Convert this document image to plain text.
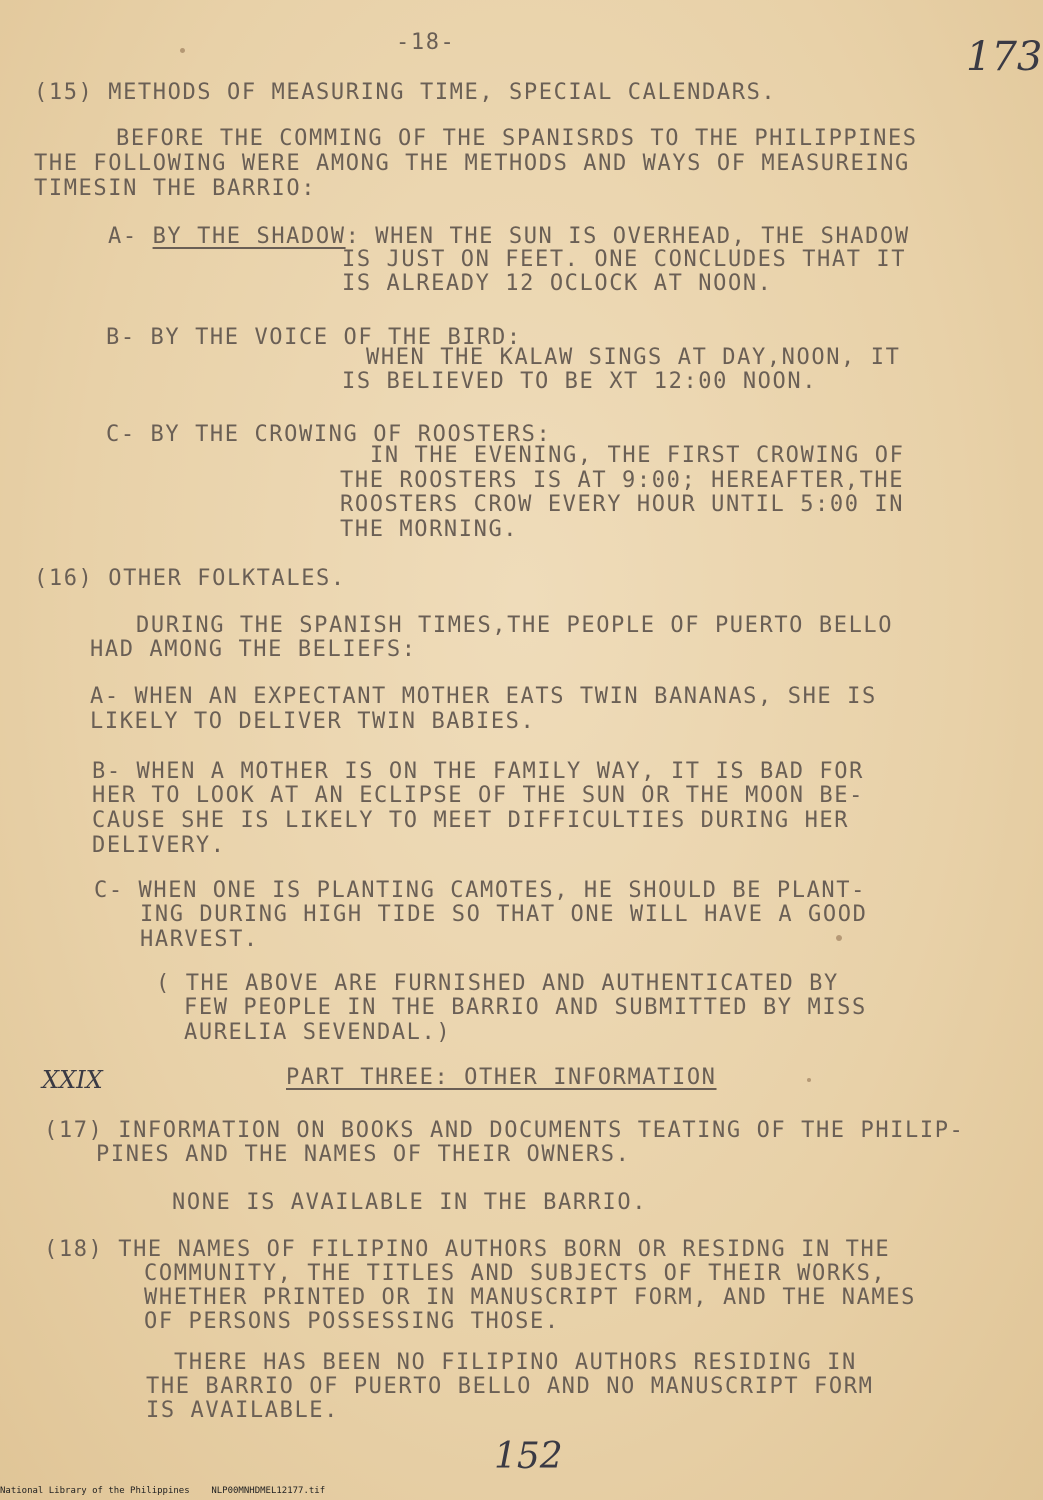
-18-	173

(15) METHODS OF MEASURING TIME, SPECIAL CALENDARS.

BEFORE THE COMMING OF THE SPANISRDS TO THE PHILIPPINES

THE FOLLOWING WERE AMONG THE METHODS AND WAYS OF MEASUREING

TIMESIN THE BARRIO:

A- BY THE SHADOW: WHEN THE SUN IS OVERHEAD, THE SHADOW

IS JUST ON FEET. ONE CONCLUDES THAT IT

IS ALREADY 12 OCLOCK AT NOON.

B- BY THE VOICE OF THE BIRD:

WHEN THE KALAW SINGS AT DAY,NOON, IT

IS BELIEVED TO BE XT 12:00 NOON.

C- BY THE CROWING OF ROOSTERS:

IN THE EVENING, THE FIRST CROWING OF

THE ROOSTERS IS AT 9:00; HEREAFTER,THE

ROOSTERS CROW EVERY HOUR UNTIL 5:00 IN

THE MORNING.

(16) OTHER FOLKTALES.

DURING THE SPANISH TIMES,THE PEOPLE OF PUERTO BELLO

HAD AMONG THE BELIEFS:

A- WHEN AN EXPECTANT MOTHER EATS TWIN BANANAS, SHE IS

LIKELY TO DELIVER TWIN BABIES.

B- WHEN A MOTHER IS ON THE FAMILY WAY, IT IS BAD FOR

HER TO LOOK AT AN ECLIPSE OF THE SUN OR THE MOON BE-

CAUSE SHE IS LIKELY TO MEET DIFFICULTIES DURING HER

DELIVERY.

C- WHEN ONE IS PLANTING CAMOTES, HE SHOULD BE PLANT-

ING DURING HIGH TIDE SO THAT ONE WILL HAVE A GOOD

HARVEST.

( THE ABOVE ARE FURNISHED AND AUTHENTICATED BY

FEW PEOPLE IN THE BARRIO AND SUBMITTED BY MISS

AURELIA SEVENDAL.)

XXIX	PART THREE: OTHER INFORMATION

(17) INFORMATION ON BOOKS AND DOCUMENTS TEATING OF THE PHILIP-

PINES AND THE NAMES OF THEIR OWNERS.

NONE IS AVAILABLE IN THE BARRIO.

(18) THE NAMES OF FILIPINO AUTHORS BORN OR RESIDNG IN THE

COMMUNITY, THE TITLES AND SUBJECTS OF THEIR WORKS,

WHETHER PRINTED OR IN MANUSCRIPT FORM, AND THE NAMES

OF PERSONS POSSESSING THOSE.

THERE HAS BEEN NO FILIPINO AUTHORS RESIDING IN

THE BARRIO OF PUERTO BELLO AND NO MANUSCRIPT FORM

IS AVAILABLE.

152

National Library of the Philippines NLP00MNHDMEL12177.tif
